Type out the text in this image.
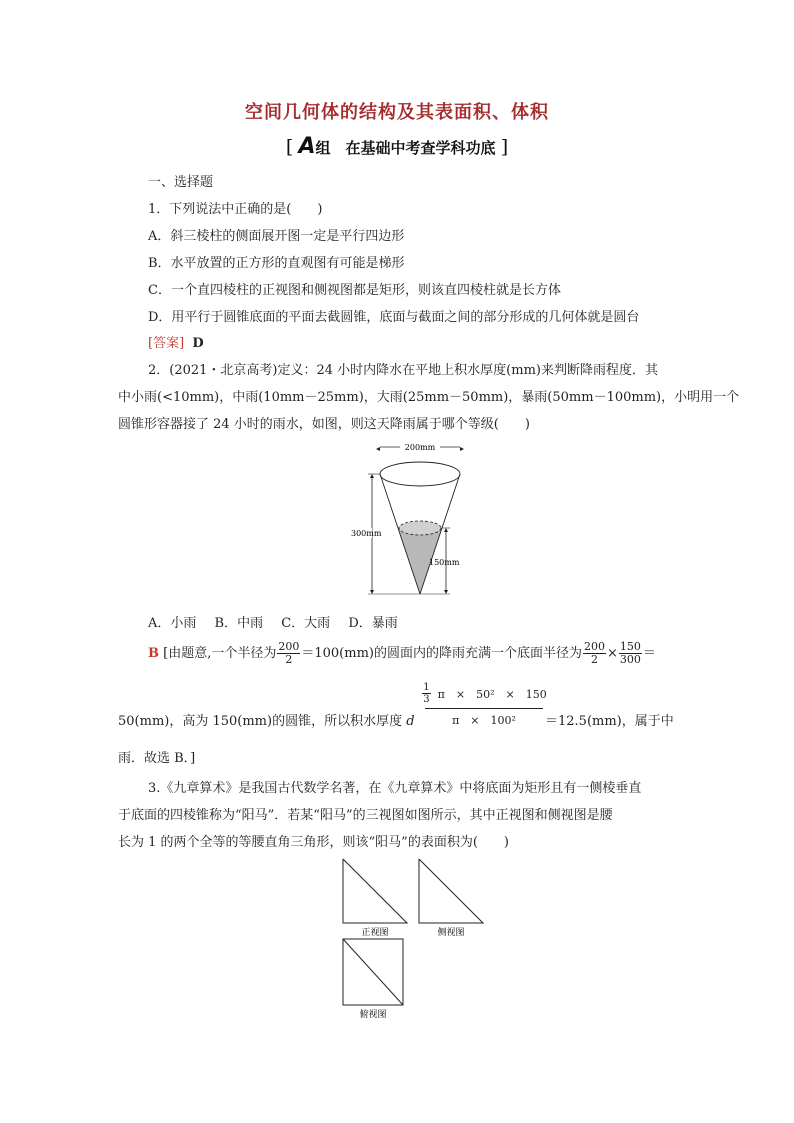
空间几何体的结构及其表面积、体积
[ A组　在基础中考查学科功底 ]
一、选择题
1．下列说法中正确的是(　　)
A．斜三棱柱的侧面展开图一定是平行四边形
B．水平放置的正方形的直观图有可能是梯形
C．一个直四棱柱的正视图和侧视图都是矩形，则该直四棱柱就是长方体
D．用平行于圆锥底面的平面去截圆锥，底面与截面之间的部分形成的几何体就是圆台
[答案] D
2．(2021・北京高考)定义：24 小时内降水在平地上积水厚度(mm)来判断降雨程度．其
中小雨(<10mm)，中雨(10mm－25mm)，大雨(25mm－50mm)，暴雨(50mm－100mm)，小明用一个
圆锥形容器接了 24 小时的雨水，如图，则这天降雨属于哪个等级(　　)
200mm
300mm
150mm
A．小雨 B．中雨 C．大雨 D．暴雨
B [由题意,一个半径为 $\frac{200}{2} =100(mm)$的圆面内的降雨充满一个底面半径为 $\frac{200}{2} \times \frac{150}{300}$ ＝
50(mm)，高为 150(mm)的圆锥，所以积水厚度 d $\frac{\frac{1}{3} \pi \times 50^2 \times 150}{\text{π　×　100²}} =12.5(mm)$，属于中
雨．故选 B．]
3.《九章算术》是我国古代数学名著，在《九章算术》中将底面为矩形且有一侧棱垂直
于底面的四棱锥称为“阳马”．若某“阳马”的三视图如图所示，其中正视图和侧视图是腰
长为 1 的两个全等的等腰直角三角形，则该“阳马”的表面积为(　　)
正视图	侧视图
俯视图
